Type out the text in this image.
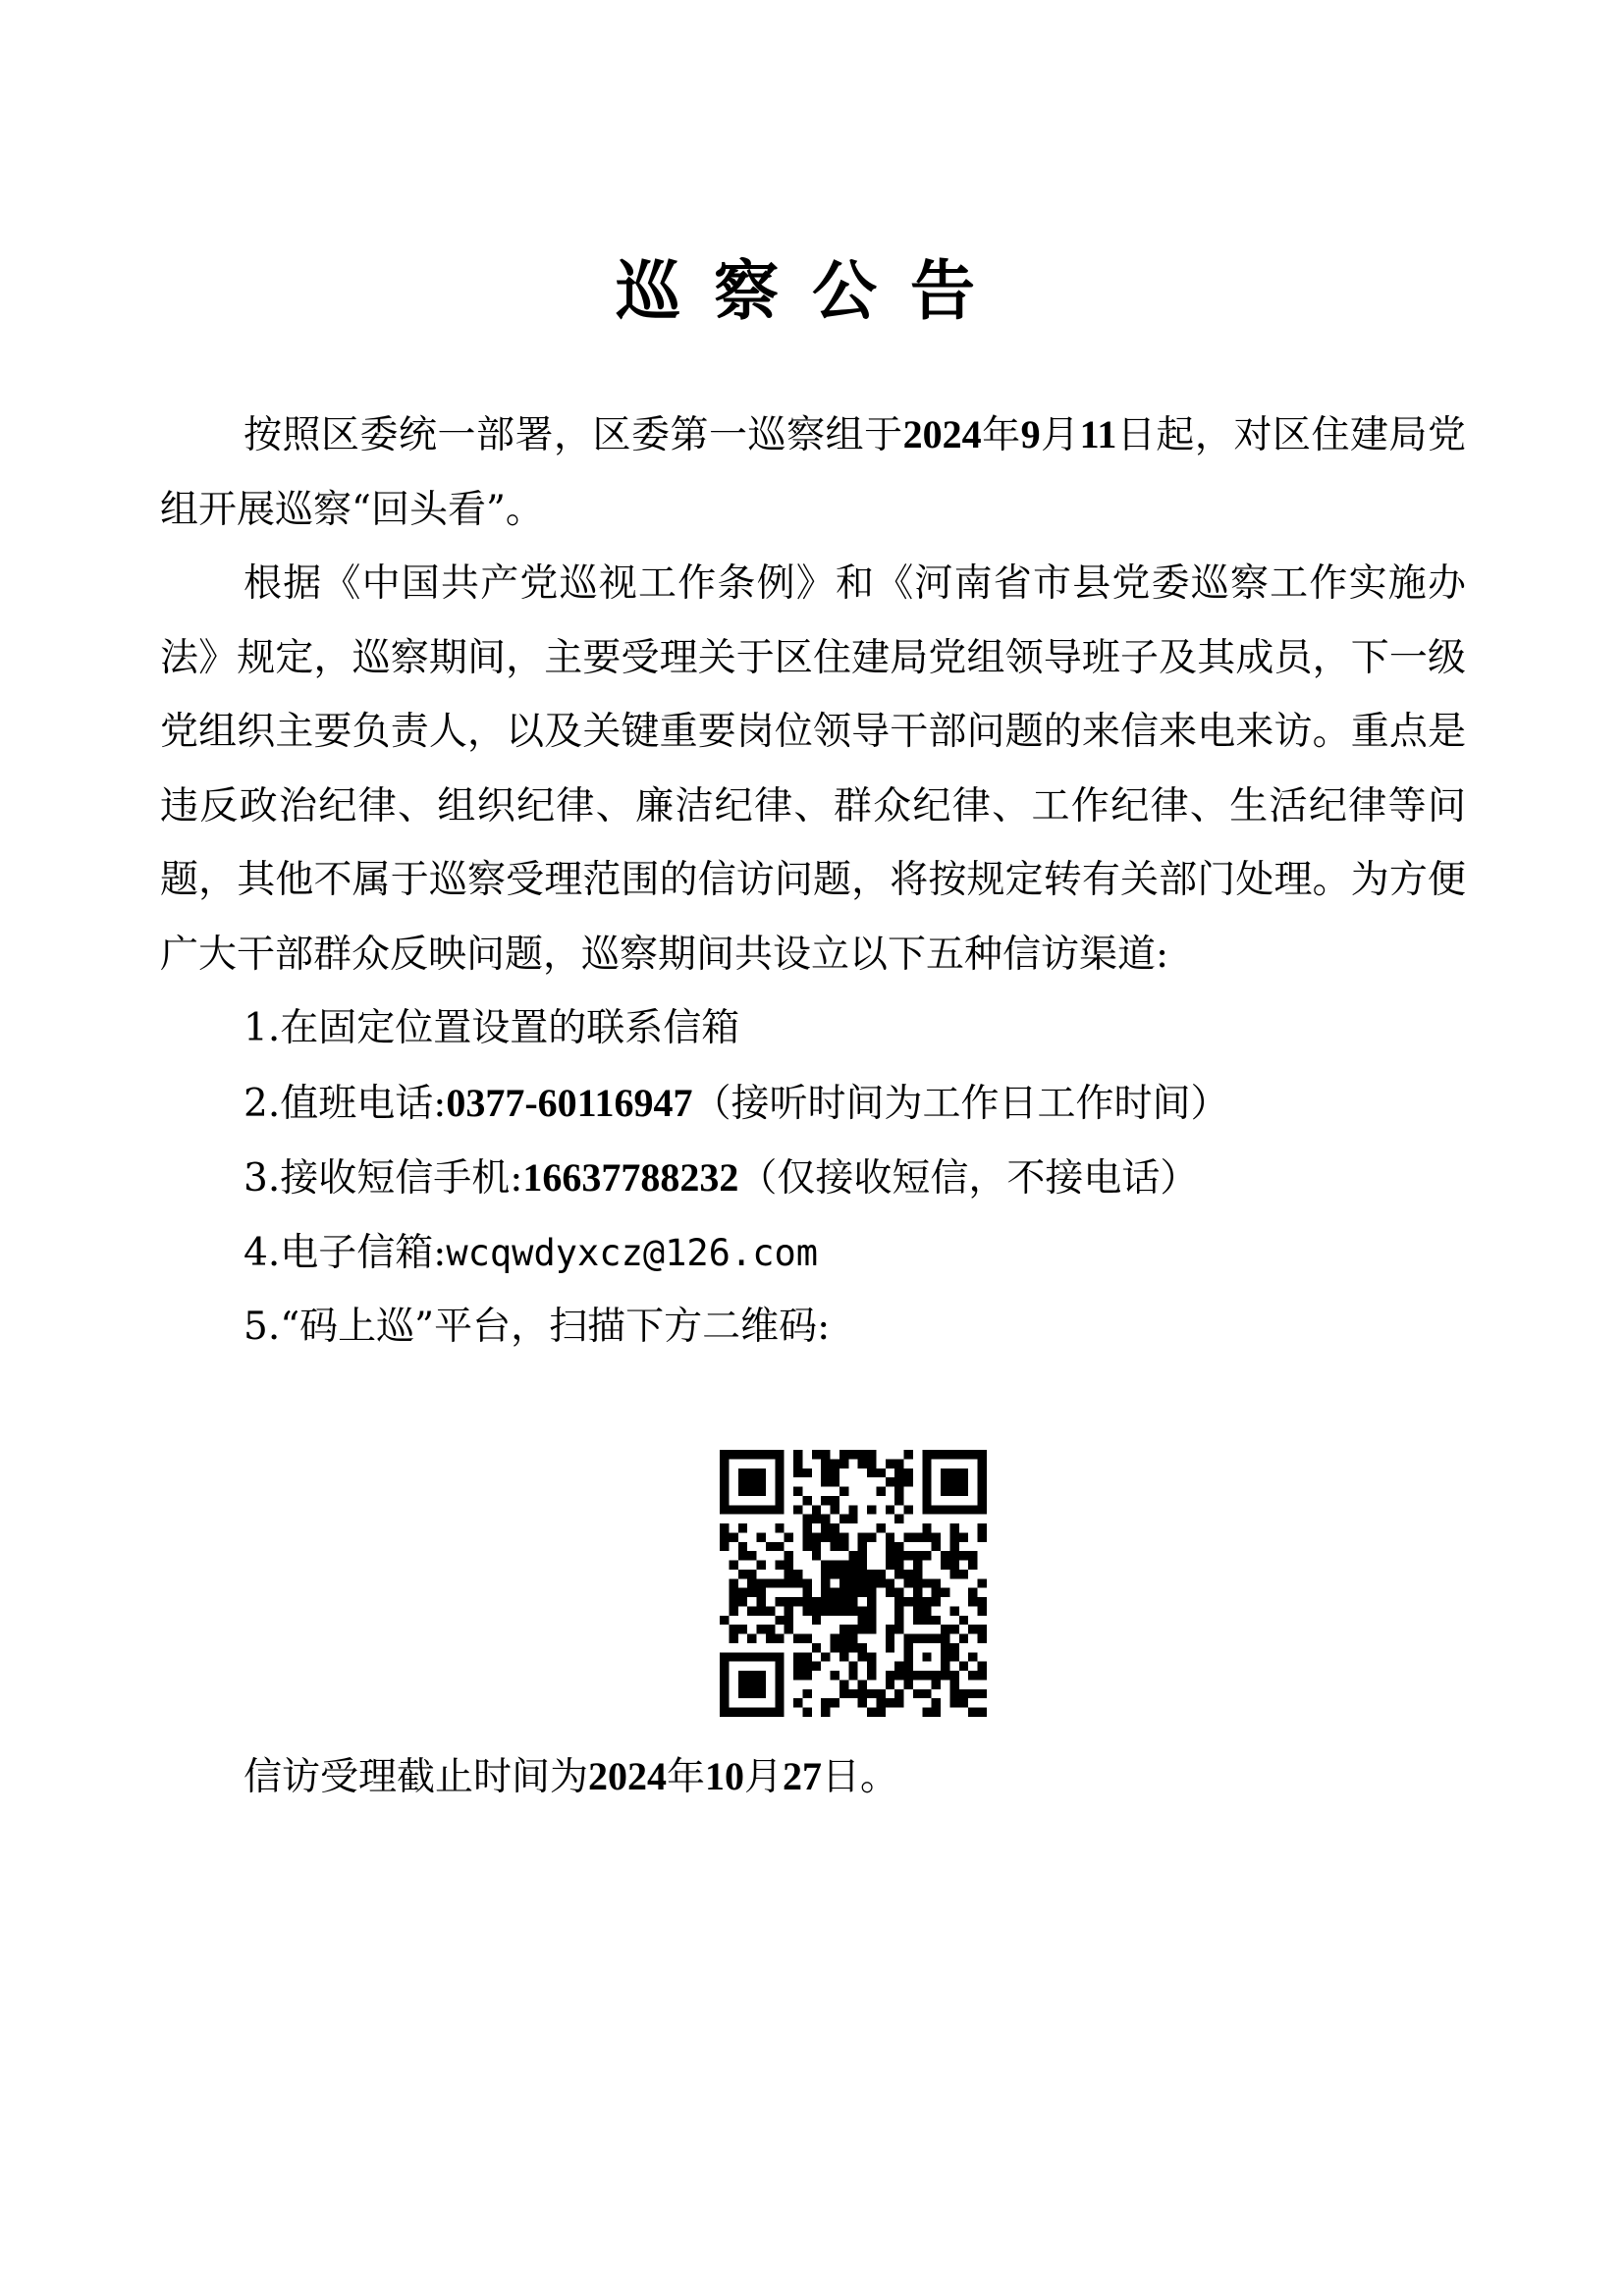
巡察公告

按照区委统一部署，区委第一巡察组于2024年9月11日起，对区住建局党组开展巡察“回头看”。

根据《中国共产党巡视工作条例》和《河南省市县党委巡察工作实施办法》规定，巡察期间，主要受理关于区住建局党组领导班子及其成员，下一级党组织主要负责人，以及关键重要岗位领导干部问题的来信来电来访。重点是违反政治纪律、组织纪律、廉洁纪律、群众纪律、工作纪律、生活纪律等问题，其他不属于巡察受理范围的信访问题，将按规定转有关部门处理。为方便广大干部群众反映问题，巡察期间共设立以下五种信访渠道:

1.在固定位置设置的联系信箱

2.值班电话:0377-60116947（接听时间为工作日工作时间）

3.接收短信手机:16637788232（仅接收短信，不接电话）

4.电子信箱:wcqwdyxcz@126.com

5.“码上巡”平台，扫描下方二维码:

信访受理截止时间为2024年10月27日。
